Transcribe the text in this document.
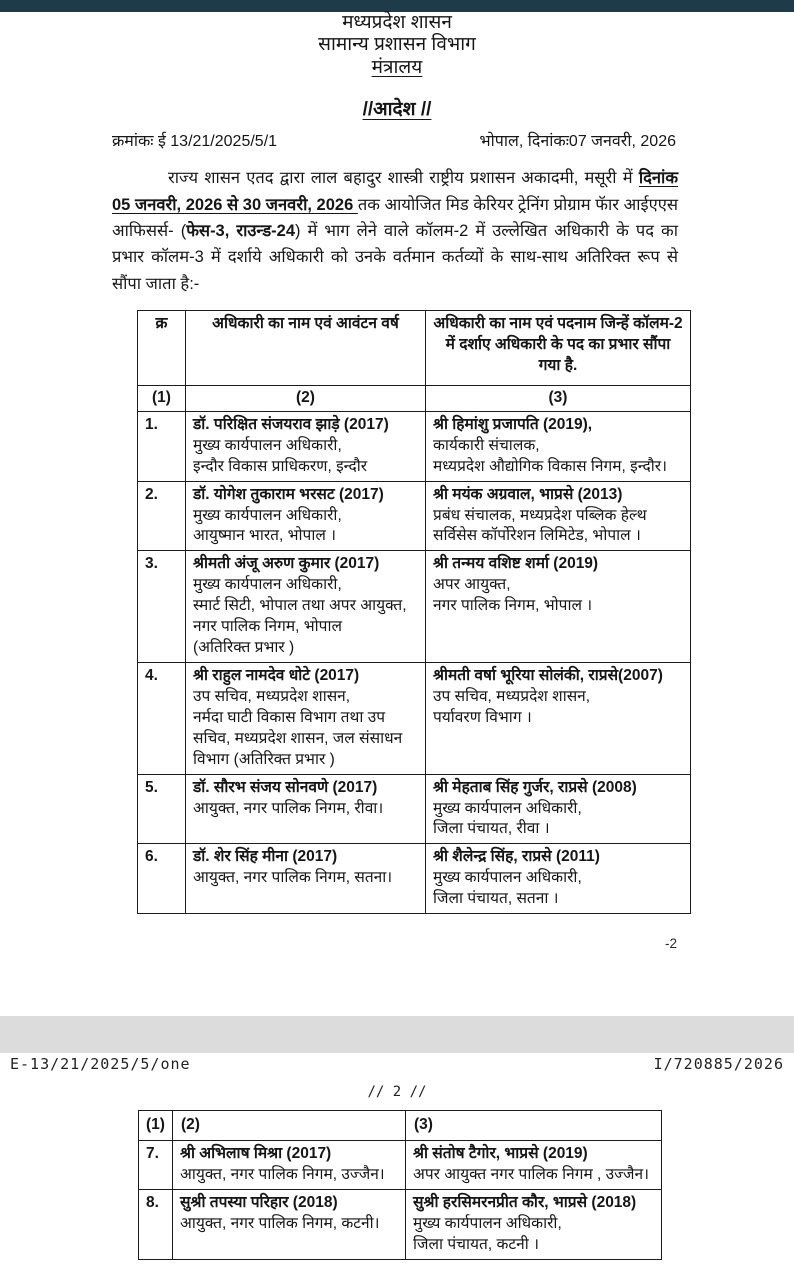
मध्यप्रदेश शासन
सामान्य प्रशासन विभाग
मंत्रालय
//आदेश //
क्रमांकः ई 13/21/2025/5/1	भोपाल, दिनांकः07 जनवरी, 2026

राज्य शासन एतद द्वारा लाल बहादुर शास्त्री राष्ट्रीय प्रशासन अकादमी, मसूरी में दिनांक 05 जनवरी, 2026 से 30 जनवरी, 2026 तक आयोजित मिड केरियर ट्रेनिंग प्रोग्राम फॅार आईएएस आफिसर्स- (फेस-3, राउन्ड-24) में भाग लेने वाले कॉलम-2 में उल्लेखित अधिकारी के पद का प्रभार कॉलम-3 में दर्शाये अधिकारी को उनके वर्तमान कर्तव्यों के साथ-साथ अतिरिक्त रूप से सौंपा जाता है:-

क्र	अधिकारी का नाम एवं आवंटन वर्ष	अधिकारी का नाम एवं पदनाम जिन्हें कॉलम-2 में दर्शाए अधिकारी के पद का प्रभार सौंपा गया है.
(1)	(2)	(3)
1.	डॉ. परिक्षित संजयराव झाड़े (2017)
मुख्य कार्यपालन अधिकारी,
इन्दौर विकास प्राधिकरण, इन्दौर

श्री हिमांशु प्रजापति (2019),
कार्यकारी संचालक,
मध्यप्रदेश औद्योगिक विकास निगम, इन्दौर।

2.	डॉ. योगेश तुकाराम भरसट (2017)
मुख्य कार्यपालन अधिकारी,
आयुष्मान भारत, भोपाल ।

श्री मयंक अग्रवाल, भाप्रसे (2013)
प्रबंध संचालक, मध्यप्रदेश पब्लिक हेल्थ सर्विसेस कॉर्पोरेशन लिमिटेड, भोपाल ।

3.	श्रीमती अंजू अरुण कुमार (2017)
मुख्य कार्यपालन अधिकारी,
स्मार्ट सिटी, भोपाल तथा अपर आयुक्त,
नगर पालिक निगम, भोपाल
(अतिरिक्त प्रभार )

श्री तन्मय वशिष्ट शर्मा (2019)
अपर आयुक्त,
नगर पालिक निगम, भोपाल ।

4.	श्री राहुल नामदेव धोटे (2017)
उप सचिव, मध्यप्रदेश शासन,
नर्मदा घाटी विकास विभाग तथा उप सचिव, मध्यप्रदेश शासन, जल संसाधन विभाग (अतिरिक्त प्रभार )

श्रीमती वर्षा भूरिया सोलंकी, राप्रसे(2007)
उप सचिव, मध्यप्रदेश शासन,
पर्यावरण विभाग ।

5.	डॉ. सौरभ संजय सोनवणे (2017)
आयुक्त, नगर पालिक निगम, रीवा।

श्री मेहताब सिंह गुर्जर, राप्रसे (2008)
मुख्य कार्यपालन अधिकारी,
जिला पंचायत, रीवा ।

6.	डॉ. शेर सिंह मीना (2017)
आयुक्त, नगर पालिक निगम, सतना।

श्री शैलेन्द्र सिंह, राप्रसे (2011)
मुख्य कार्यपालन अधिकारी,
जिला पंचायत, सतना ।
-2
E-13/21/2025/5/one	I/720885/2026
// 2 //
(1)	(2)	(3)
7.	श्री अभिलाष मिश्रा (2017)
आयुक्त, नगर पालिक निगम, उज्जैन।

श्री संतोष टैगोर, भाप्रसे (2019)
अपर आयुक्त नगर पालिक निगम , उज्जैन।

8.	सुश्री तपस्या परिहार (2018)
आयुक्त, नगर पालिक निगम, कटनी।

सुश्री हरसिमरनप्रीत कौर, भाप्रसे (2018)
मुख्य कार्यपालन अधिकारी,
जिला पंचायत, कटनी ।
